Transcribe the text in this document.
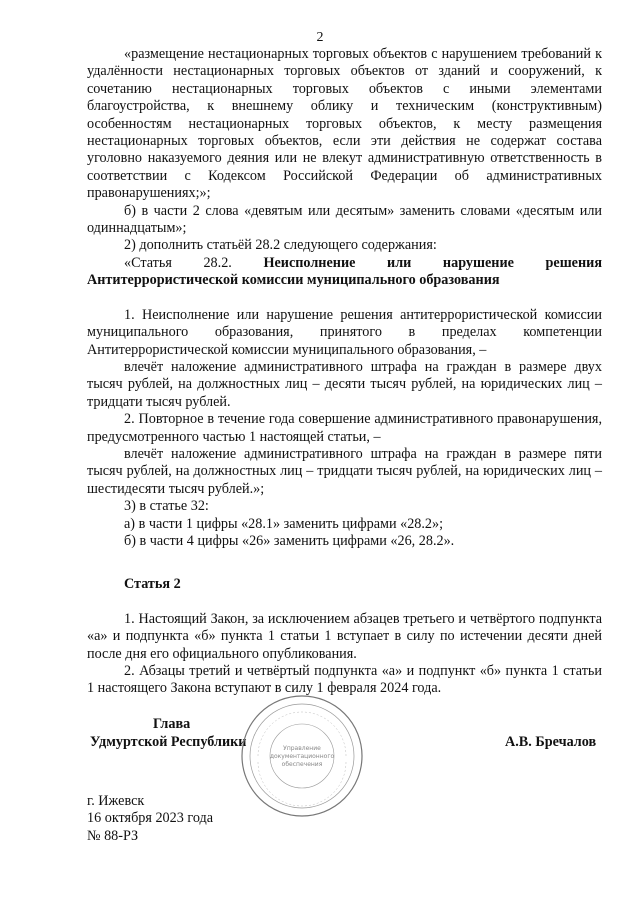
2

«размещение нестационарных торговых объектов с нарушением требований к удалённости нестационарных торговых объектов от зданий и сооружений, к сочетанию нестационарных торговых объектов с иными элементами благоустройства, к внешнему облику и техническим (конструктивным) особенностям нестационарных торговых объектов, к месту размещения нестационарных торговых объектов, если эти действия не содержат состава уголовно наказуемого деяния или не влекут административную ответственность в соответствии с Кодексом Российской Федерации об административных правонарушениях;»;

б) в части 2 слова «девятым или десятым» заменить словами «десятым или одиннадцатым»;

2) дополнить статьёй 28.2 следующего содержания:

«Статья 28.2. Неисполнение или нарушение решения Антитеррористической комиссии муниципального образования

1. Неисполнение или нарушение решения антитеррористической комиссии муниципального образования, принятого в пределах компетенции Антитеррористической комиссии муниципального образования, –

влечёт наложение административного штрафа на граждан в размере двух тысяч рублей, на должностных лиц – десяти тысяч рублей, на юридических лиц – тридцати тысяч рублей.

2. Повторное в течение года совершение административного правонарушения, предусмотренного частью 1 настоящей статьи, –

влечёт наложение административного штрафа на граждан в размере пяти тысяч рублей, на должностных лиц – тридцати тысяч рублей, на юридических лиц – шестидесяти тысяч рублей.»;

3) в статье 32:

а) в части 1 цифры «28.1» заменить цифрами «28.2»;

б) в части 4 цифры «26» заменить цифрами «26, 28.2».

Статья 2

1. Настоящий Закон, за исключением абзацев третьего и четвёртого подпункта «а» и подпункта «б» пункта 1 статьи 1 вступает в силу по истечении десяти дней после дня его официального опубликования.

2. Абзацы третий и четвёртый подпункта «а» и подпункт «б» пункта 1 статьи 1 настоящего Закона вступают в силу 1 февраля 2024 года.

Глава
Удмуртской Республики	А.В. Бречалов
Управление
документационного
обеспечения
г. Ижевск
16 октября 2023 года
№ 88-РЗ
